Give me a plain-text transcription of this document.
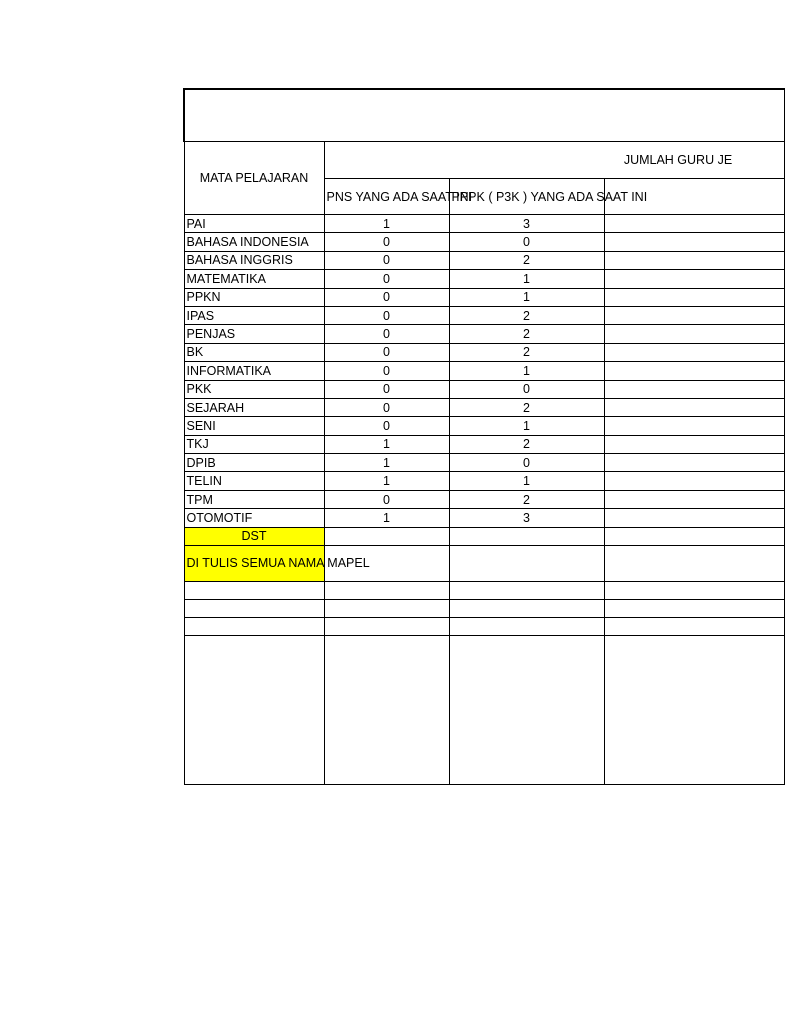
MATA PELAJARAN	JUMLAH GURU JE		
	PNS YANG ADA SAAT INI	PPPK ( P3K ) YANG ADA SAAT INI	
PAI	1	3	
BAHASA INDONESIA	0	0	
BAHASA INGGRIS	0	2	
MATEMATIKA	0	1	
PPKN	0	1	
IPAS	0	2	
PENJAS	0	2	
BK	0	2	
INFORMATIKA	0	1	
PKK	0	0	
SEJARAH	0	2	
SENI	0	1	
TKJ	1	2	
DPIB	1	0	
TELIN	1	1	
TPM	0	2	
OTOMOTIF	1	3	
DST			
DI TULIS SEMUA NAMA MAPEL			
